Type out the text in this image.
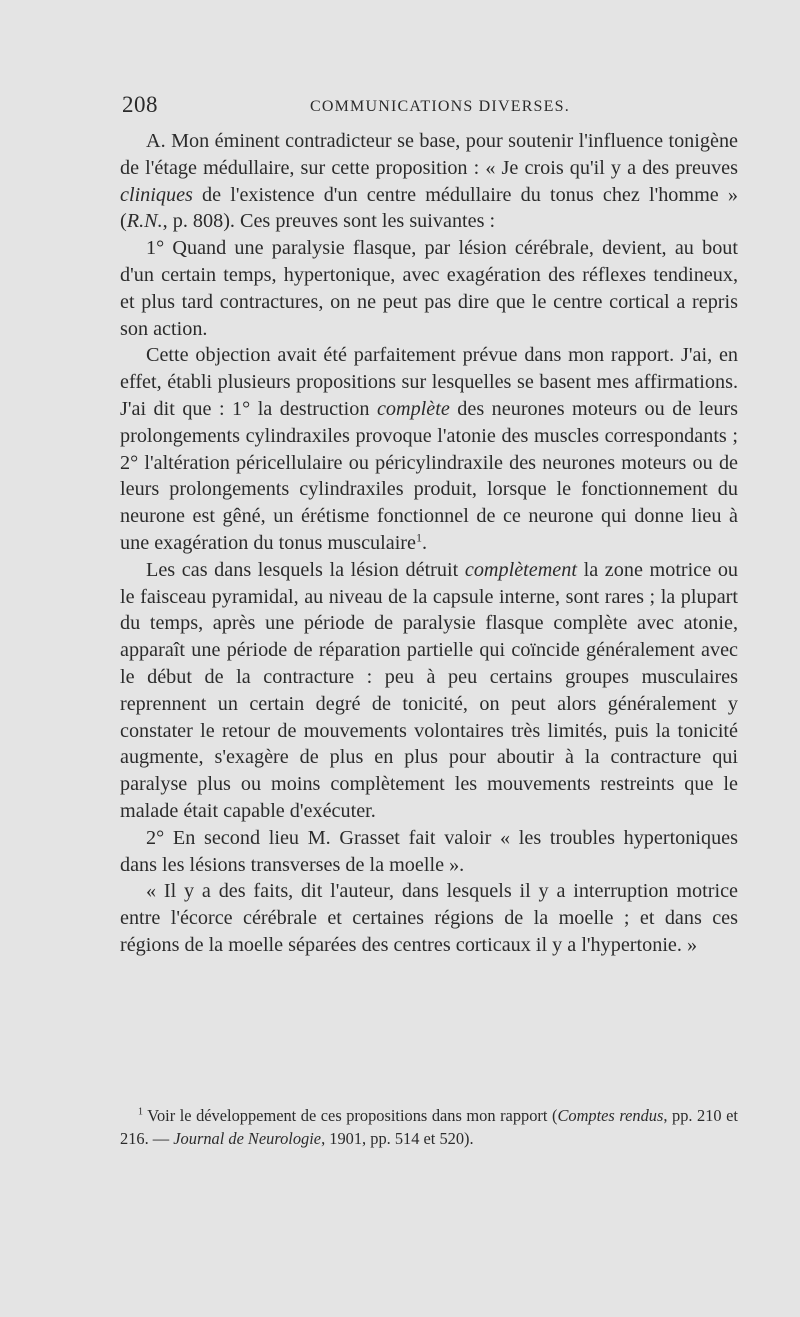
208	COMMUNICATIONS DIVERSES.

A. Mon éminent contradicteur se base, pour soutenir l'influence tonigène de l'étage médullaire, sur cette proposition : « Je crois qu'il y a des preuves cliniques de l'existence d'un centre médullaire du tonus chez l'homme » (R.N., p. 808). Ces preuves sont les suivantes :

1° Quand une paralysie flasque, par lésion cérébrale, devient, au bout d'un certain temps, hypertonique, avec exagération des réflexes tendineux, et plus tard contractures, on ne peut pas dire que le centre cortical a repris son action.

Cette objection avait été parfaitement prévue dans mon rapport. J'ai, en effet, établi plusieurs propositions sur lesquelles se basent mes affirmations. J'ai dit que : 1° la destruction complète des neurones moteurs ou de leurs prolongements cylindraxiles provoque l'atonie des muscles correspondants ; 2° l'altération péricellulaire ou péricylindraxile des neurones moteurs ou de leurs prolongements cylindraxiles produit, lorsque le fonctionnement du neurone est gêné, un érétisme fonctionnel de ce neurone qui donne lieu à une exagération du tonus musculaire$^1$.

Les cas dans lesquels la lésion détruit complètement la zone motrice ou le faisceau pyramidal, au niveau de la capsule interne, sont rares ; la plupart du temps, après une période de paralysie flasque complète avec atonie, apparaît une période de réparation partielle qui coïncide généralement avec le début de la contracture : peu à peu certains groupes musculaires reprennent un certain degré de tonicité, on peut alors généralement y constater le retour de mouvements volontaires très limités, puis la tonicité augmente, s'exagère de plus en plus pour aboutir à la contracture qui paralyse plus ou moins complètement les mouvements restreints que le malade était capable d'exécuter.

2° En second lieu M. Grasset fait valoir « les troubles hypertoniques dans les lésions transverses de la moelle ».

« Il y a des faits, dit l'auteur, dans lesquels il y a interruption motrice entre l'écorce cérébrale et certaines régions de la moelle ; et dans ces régions de la moelle séparées des centres corticaux il y a l'hypertonie. »

$^1$ Voir le développement de ces propositions dans mon rapport (Comptes rendus, pp. 210 et 216. — Journal de Neurologie, 1901, pp. 514 et 520).
